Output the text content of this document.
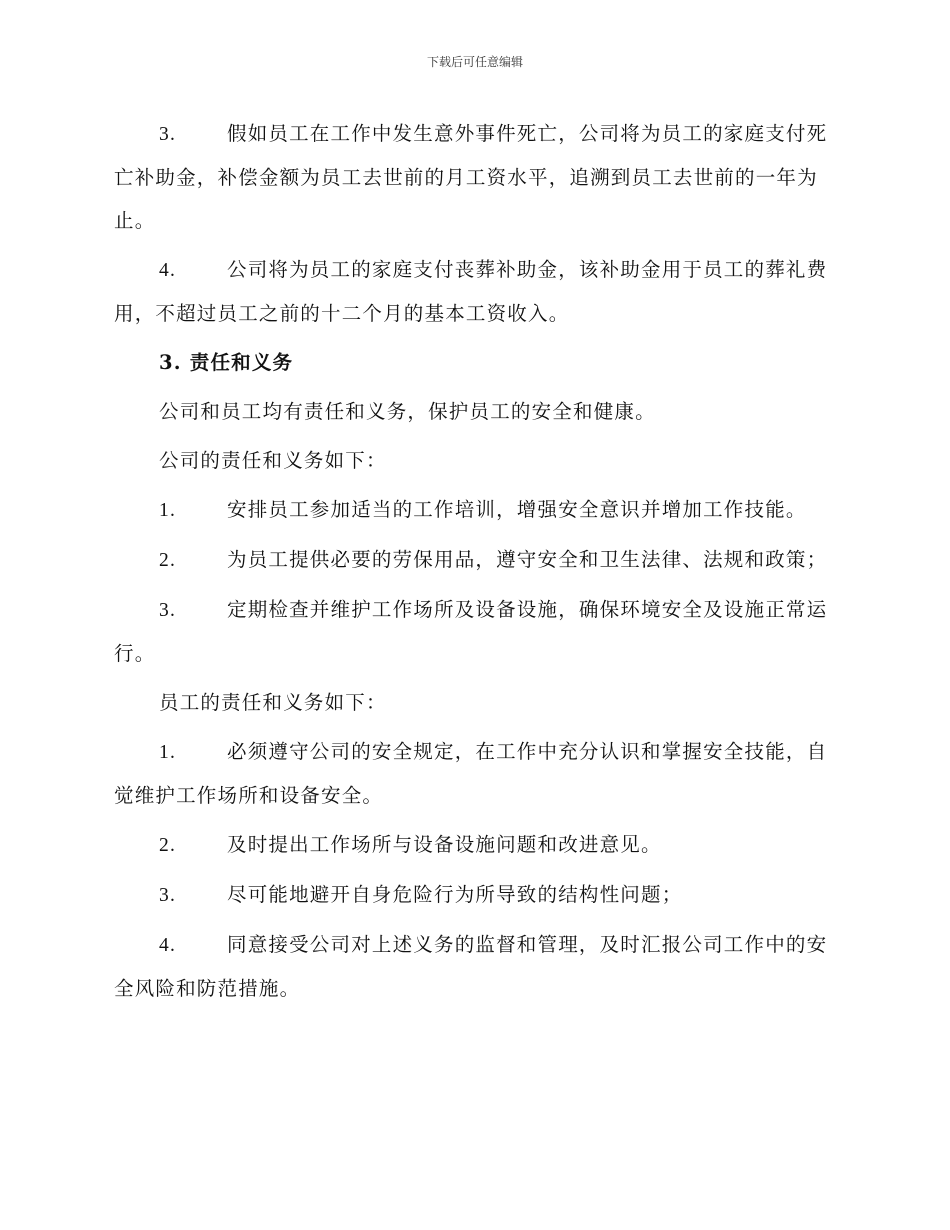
下载后可任意编辑

3.	假如员工在工作中发生意外事件死亡，公司将为员工的家庭支付死亡补助金，补偿金额为员工去世前的月工资水平，追溯到员工去世前的一年为止。

4.	公司将为员工的家庭支付丧葬补助金，该补助金用于员工的葬礼费用，不超过员工之前的十二个月的基本工资收入。

3. 责任和义务

公司和员工均有责任和义务，保护员工的安全和健康。

公司的责任和义务如下：

1.	安排员工参加适当的工作培训，增强安全意识并增加工作技能。

2.	为员工提供必要的劳保用品，遵守安全和卫生法律、法规和政策；

3.	定期检查并维护工作场所及设备设施，确保环境安全及设施正常运行。

员工的责任和义务如下：

1.	必须遵守公司的安全规定，在工作中充分认识和掌握安全技能，自觉维护工作场所和设备安全。

2.	及时提出工作场所与设备设施问题和改进意见。

3.	尽可能地避开自身危险行为所导致的结构性问题；

4.	同意接受公司对上述义务的监督和管理，及时汇报公司工作中的安全风险和防范措施。
